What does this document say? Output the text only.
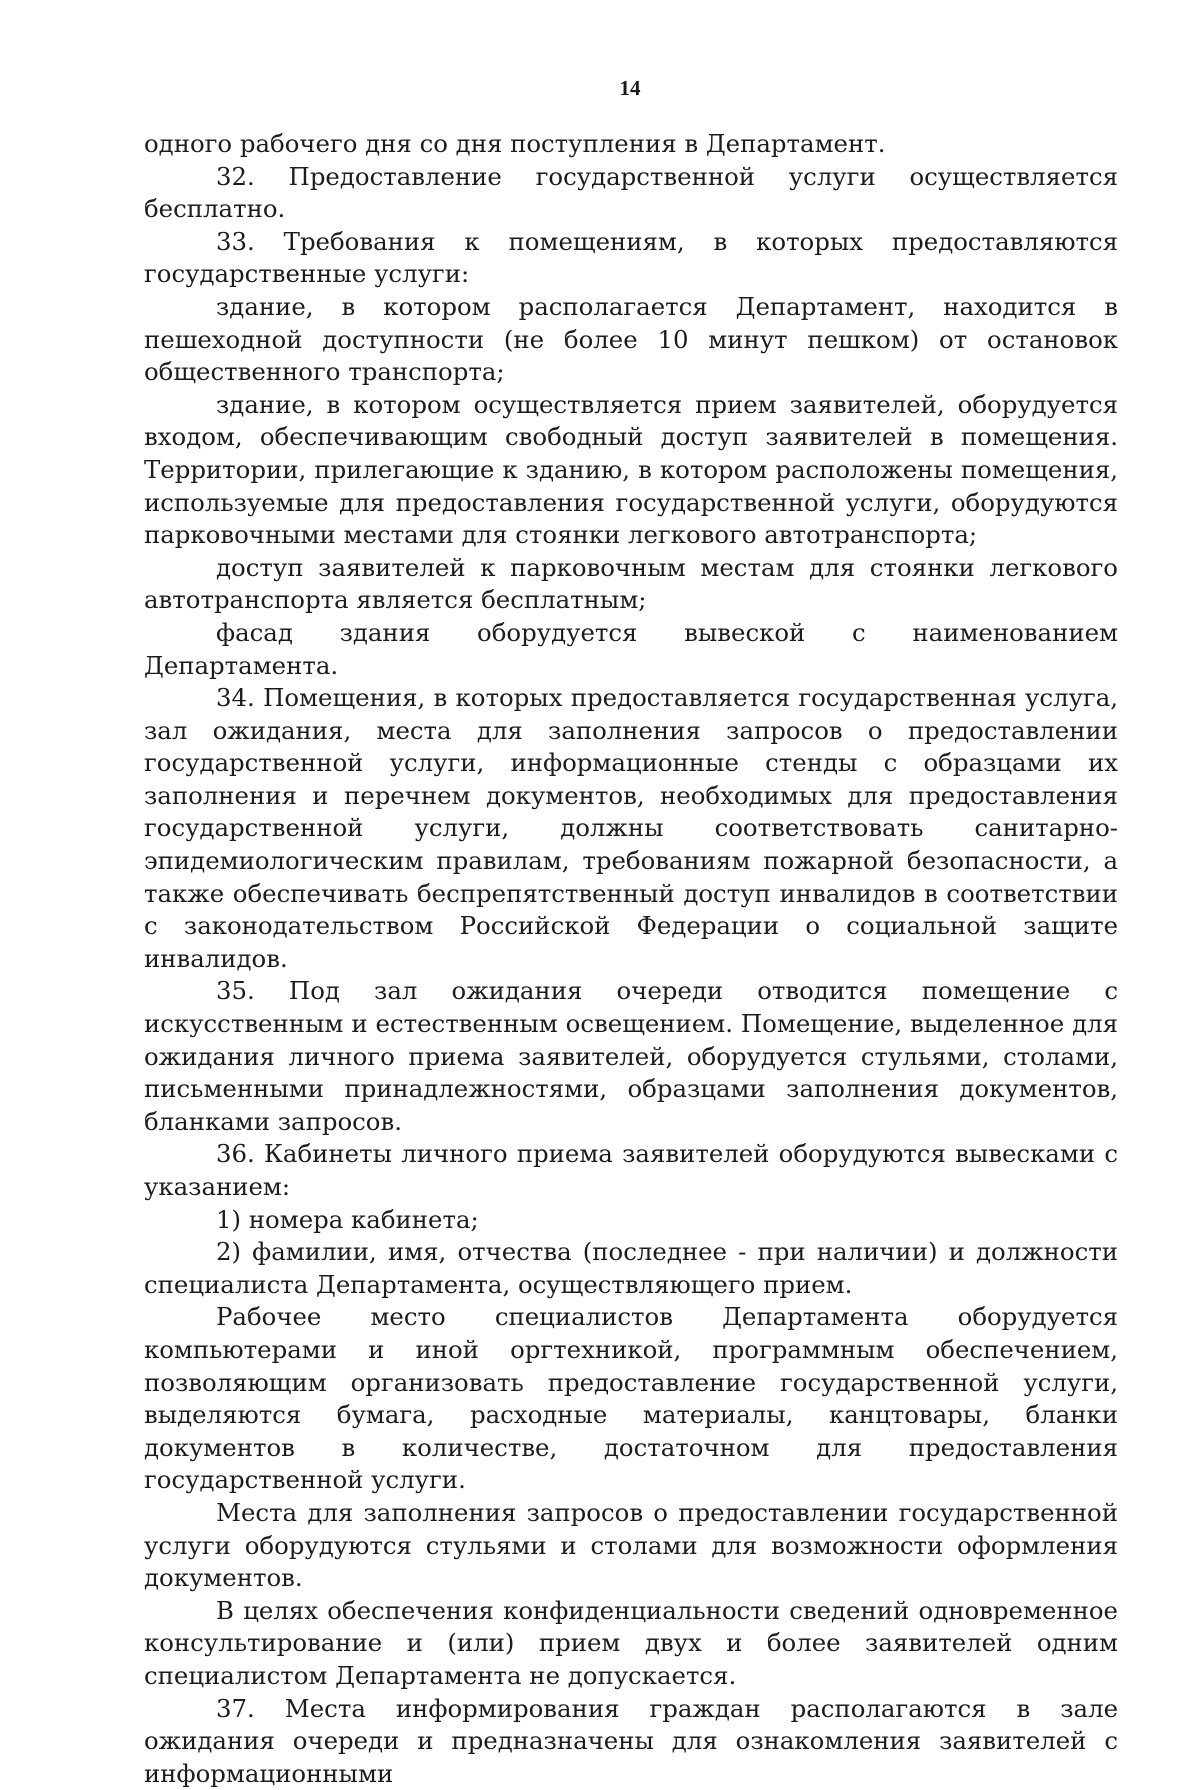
14

одного рабочего дня со дня поступления в Департамент.

32. Предоставление государственной услуги осуществляется бесплатно.

33. Требования к помещениям, в которых предоставляются государственные услуги:

здание, в котором располагается Департамент, находится в пешеходной доступности (не более 10 минут пешком) от остановок общественного транспорта;

здание, в котором осуществляется прием заявителей, оборудуется входом, обеспечивающим свободный доступ заявителей в помещения. Территории, прилегающие к зданию, в котором расположены помещения, используемые для предоставления государственной услуги, оборудуются парковочными местами для стоянки легкового автотранспорта;

доступ заявителей к парковочным местам для стоянки легкового автотранспорта является бесплатным;

фасад здания оборудуется вывеской с наименованием Департамента.

34. Помещения, в которых предоставляется государственная услуга, зал ожидания, места для заполнения запросов о предоставлении государственной услуги, информационные стенды с образцами их заполнения и перечнем документов, необходимых для предоставления государственной услуги, должны соответствовать санитарно-эпидемиологическим правилам, требованиям пожарной безопасности, а также обеспечивать беспрепятственный доступ инвалидов в соответствии с законодательством Российской Федерации о социальной защите инвалидов.

35. Под зал ожидания очереди отводится помещение с искусственным и естественным освещением. Помещение, выделенное для ожидания личного приема заявителей, оборудуется стульями, столами, письменными принадлежностями, образцами заполнения документов, бланками запросов.

36. Кабинеты личного приема заявителей оборудуются вывесками с указанием:

1) номера кабинета;

2) фамилии, имя, отчества (последнее - при наличии) и должности специалиста Департамента, осуществляющего прием.

Рабочее место специалистов Департамента оборудуется компьютерами и иной оргтехникой, программным обеспечением, позволяющим организовать предоставление государственной услуги, выделяются бумага, расходные материалы, канцтовары, бланки документов в количестве, достаточном для предоставления государственной услуги.

Места для заполнения запросов о предоставлении государственной услуги оборудуются стульями и столами для возможности оформления документов.

В целях обеспечения конфиденциальности сведений одновременное консультирование и (или) прием двух и более заявителей одним специалистом Департамента не допускается.

37. Места информирования граждан располагаются в зале ожидания очереди и предназначены для ознакомления заявителей с информационными
